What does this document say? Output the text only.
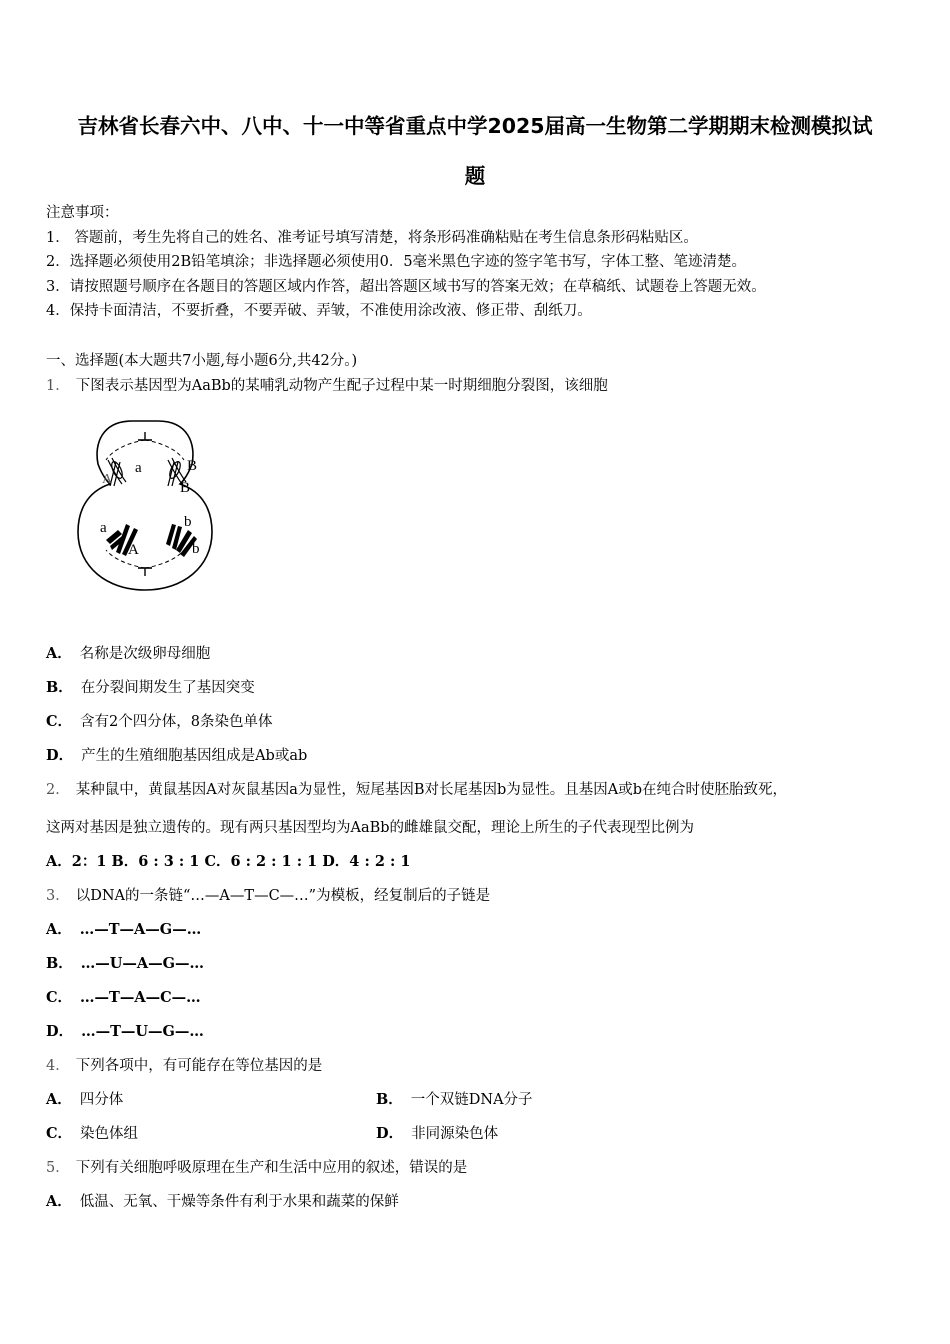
吉林省长春六中、八中、十一中等省重点中学2025届高一生物第二学期期末检测模拟试
题
注意事项：
1． 答题前，考生先将自己的姓名、准考证号填写清楚，将条形码准确粘贴在考生信息条形码粘贴区。
2．选择题必须使用2B铅笔填涂；非选择题必须使用0．5毫米黑色字迹的签字笔书写，字体工整、笔迹清楚。
3．请按照题号顺序在各题目的答题区域内作答，超出答题区域书写的答案无效；在草稿纸、试题卷上答题无效。
4．保持卡面清洁，不要折叠，不要弄破、弄皱，不准使用涂改液、修正带、刮纸刀。
一、选择题(本大题共7小题,每小题6分,共42分。)
1． 下图表示基因型为AaBb的某哺乳动物产生配子过程中某一时期细胞分裂图，该细胞
a
A
B
B
a
A
b
b
A． 名称是次级卵母细胞
B． 在分裂间期发生了基因突变
C． 含有2个四分体，8条染色单体
D． 产生的生殖细胞基因组成是Ab或ab
2． 某种鼠中，黄鼠基因A对灰鼠基因a为显性，短尾基因B对长尾基因b为显性。且基因A或b在纯合时使胚胎致死，
这两对基因是独立遗传的。现有两只基因型均为AaBb的雌雄鼠交配，理论上所生的子代表现型比例为
A．2：1 B．6 : 3 : 1 C．6 : 2 : 1 : 1 D．4 : 2 : 1
3． 以DNA的一条链“…—A—T—C—…”为模板，经复制后的子链是
A． …—T—A—G—…
B． …—U—A—G—…
C． …—T—A—C—…
D． …—T—U—G—…
4． 下列各项中，有可能存在等位基因的是
A． 四分体	B． 一个双链DNA分子
C． 染色体组	D． 非同源染色体
5． 下列有关细胞呼吸原理在生产和生活中应用的叙述，错误的是
A． 低温、无氧、干燥等条件有利于水果和蔬菜的保鲜
